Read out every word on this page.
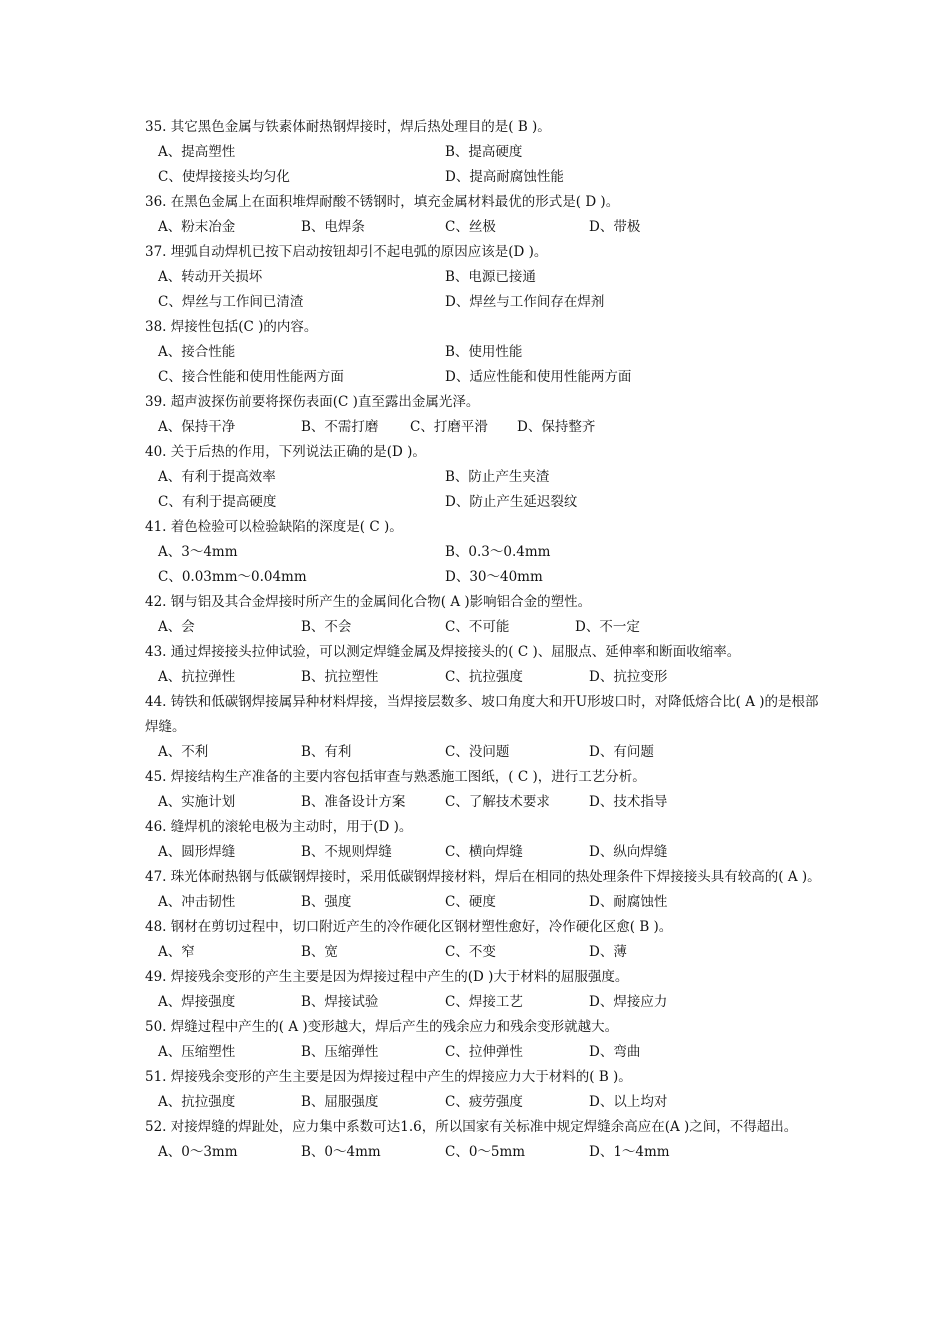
35. 其它黑色金属与铁素体耐热钢焊接时，焊后热处理目的是( B )。
A、提高塑性	B、提高硬度
C、使焊接接头均匀化	D、提高耐腐蚀性能
36. 在黑色金属上在面积堆焊耐酸不锈钢时，填充金属材料最优的形式是( D )。
A、粉末冶金	B、电焊条	C、丝极	D、带极
37. 埋弧自动焊机已按下启动按钮却引不起电弧的原因应该是(D )。
A、转动开关损坏	B、电源已接通
C、焊丝与工作间已清渣	D、焊丝与工作间存在焊剂
38. 焊接性包括(C )的内容。
A、接合性能	B、使用性能
C、接合性能和使用性能两方面	D、适应性能和使用性能两方面
39. 超声波探伤前要将探伤表面(C )直至露出金属光泽。
A、保持干净	B、不需打磨 C、打磨平滑 D、保持整齐
40. 关于后热的作用，下列说法正确的是(D )。
A、有利于提高效率	B、防止产生夹渣
C、有利于提高硬度	D、防止产生延迟裂纹
41. 着色检验可以检验缺陷的深度是( C )。
A、3～4mm	B、0.3～0.4mm
C、0.03mm～0.04mm	D、30～40mm
42. 钢与铝及其合金焊接时所产生的金属间化合物( A )影响铝合金的塑性。
A、会	B、不会	C、不可能	D、不一定
43. 通过焊接接头拉伸试验，可以测定焊缝金属及焊接接头的( C )、屈服点、延伸率和断面收缩率。
A、抗拉弹性	B、抗拉塑性	C、抗拉强度	D、抗拉变形
44. 铸铁和低碳钢焊接属异种材料焊接，当焊接层数多、坡口角度大和开U形坡口时，对降低熔合比( A )的是根部焊缝。
A、不利	B、有利	C、没问题	D、有问题
45. 焊接结构生产准备的主要内容包括审查与熟悉施工图纸，( C )，进行工艺分析。
A、实施计划	B、准备设计方案	C、了解技术要求	D、技术指导
46. 缝焊机的滚轮电极为主动时，用于(D )。
A、圆形焊缝	B、不规则焊缝	C、横向焊缝	D、纵向焊缝
47. 珠光体耐热钢与低碳钢焊接时，采用低碳钢焊接材料，焊后在相同的热处理条件下焊接接头具有较高的( A )。
A、冲击韧性	B、强度	C、硬度	D、耐腐蚀性
48. 钢材在剪切过程中，切口附近产生的冷作硬化区钢材塑性愈好，冷作硬化区愈( B )。
A、窄	B、宽	C、不变	D、薄
49. 焊接残余变形的产生主要是因为焊接过程中产生的(D )大于材料的屈服强度。
A、焊接强度	B、焊接试验	C、焊接工艺	D、焊接应力
50. 焊缝过程中产生的( A )变形越大，焊后产生的残余应力和残余变形就越大。
A、压缩塑性	B、压缩弹性	C、拉伸弹性	D、弯曲
51. 焊接残余变形的产生主要是因为焊接过程中产生的焊接应力大于材料的( B )。
A、抗拉强度	B、屈服强度	C、疲劳强度	D、以上均对
52. 对接焊缝的焊趾处，应力集中系数可达1.6，所以国家有关标准中规定焊缝余高应在(A )之间，不得超出。
A、0～3mm	B、0～4mm	C、0～5mm	D、1～4mm
